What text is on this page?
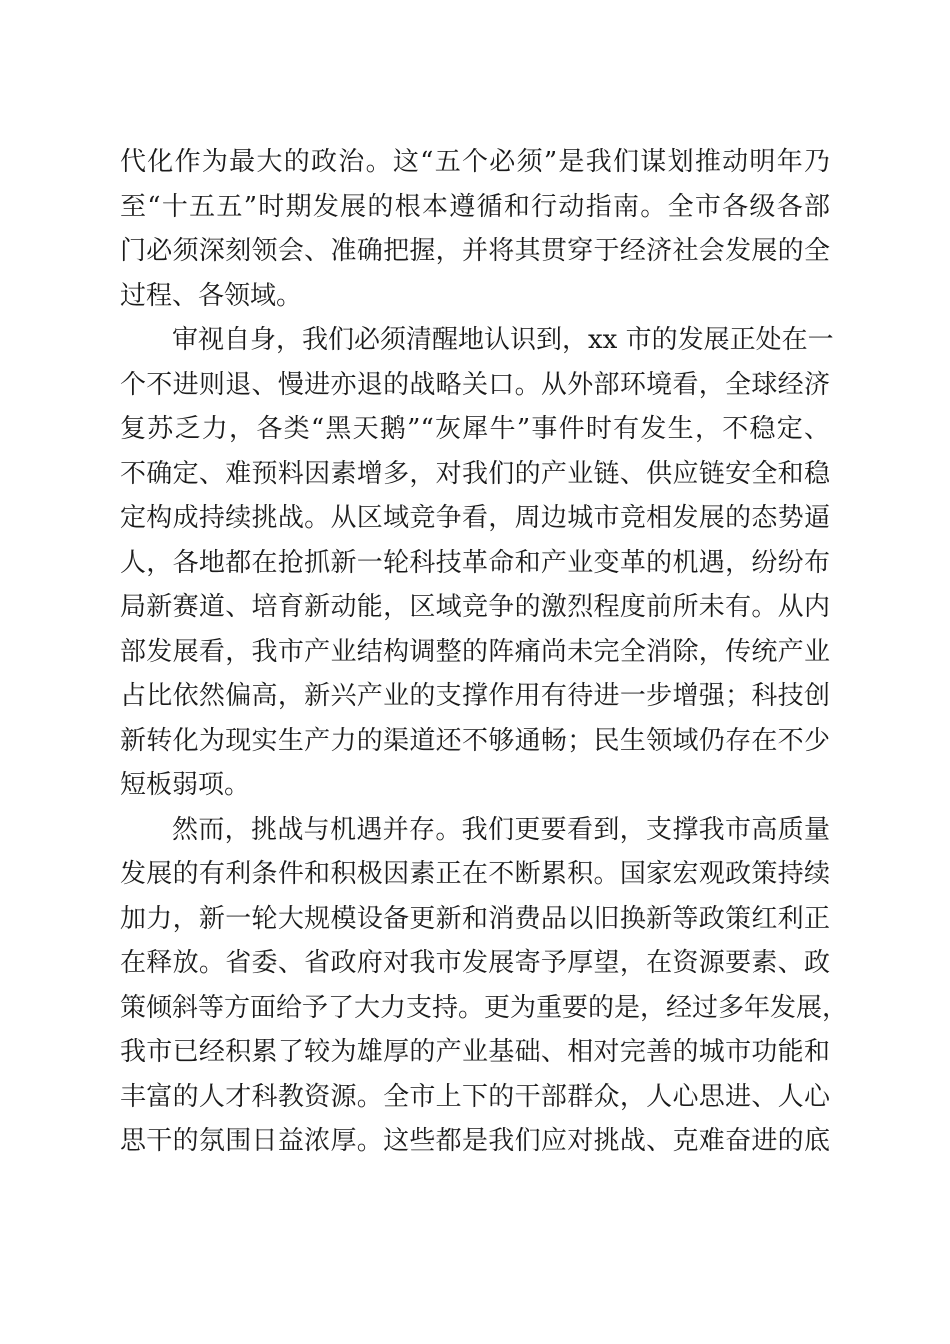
代化作为最大的政治。这“五个必须”是我们谋划推动明年乃
至“十五五”时期发展的根本遵循和行动指南。全市各级各部
门必须深刻领会、准确把握，并将其贯穿于经济社会发展的全
过程、各领域。
审视自身，我们必须清醒地认识到，xx 市的发展正处在一
个不进则退、慢进亦退的战略关口。从外部环境看，全球经济
复苏乏力，各类“黑天鹅”“灰犀牛”事件时有发生，不稳定、
不确定、难预料因素增多，对我们的产业链、供应链安全和稳
定构成持续挑战。从区域竞争看，周边城市竞相发展的态势逼
人，各地都在抢抓新一轮科技革命和产业变革的机遇，纷纷布
局新赛道、培育新动能，区域竞争的激烈程度前所未有。从内
部发展看，我市产业结构调整的阵痛尚未完全消除，传统产业
占比依然偏高，新兴产业的支撑作用有待进一步增强；科技创
新转化为现实生产力的渠道还不够通畅；民生领域仍存在不少
短板弱项。
然而，挑战与机遇并存。我们更要看到，支撑我市高质量
发展的有利条件和积极因素正在不断累积。国家宏观政策持续
加力，新一轮大规模设备更新和消费品以旧换新等政策红利正
在释放。省委、省政府对我市发展寄予厚望，在资源要素、政
策倾斜等方面给予了大力支持。更为重要的是，经过多年发展，
我市已经积累了较为雄厚的产业基础、相对完善的城市功能和
丰富的人才科教资源。全市上下的干部群众，人心思进、人心
思干的氛围日益浓厚。这些都是我们应对挑战、克难奋进的底
